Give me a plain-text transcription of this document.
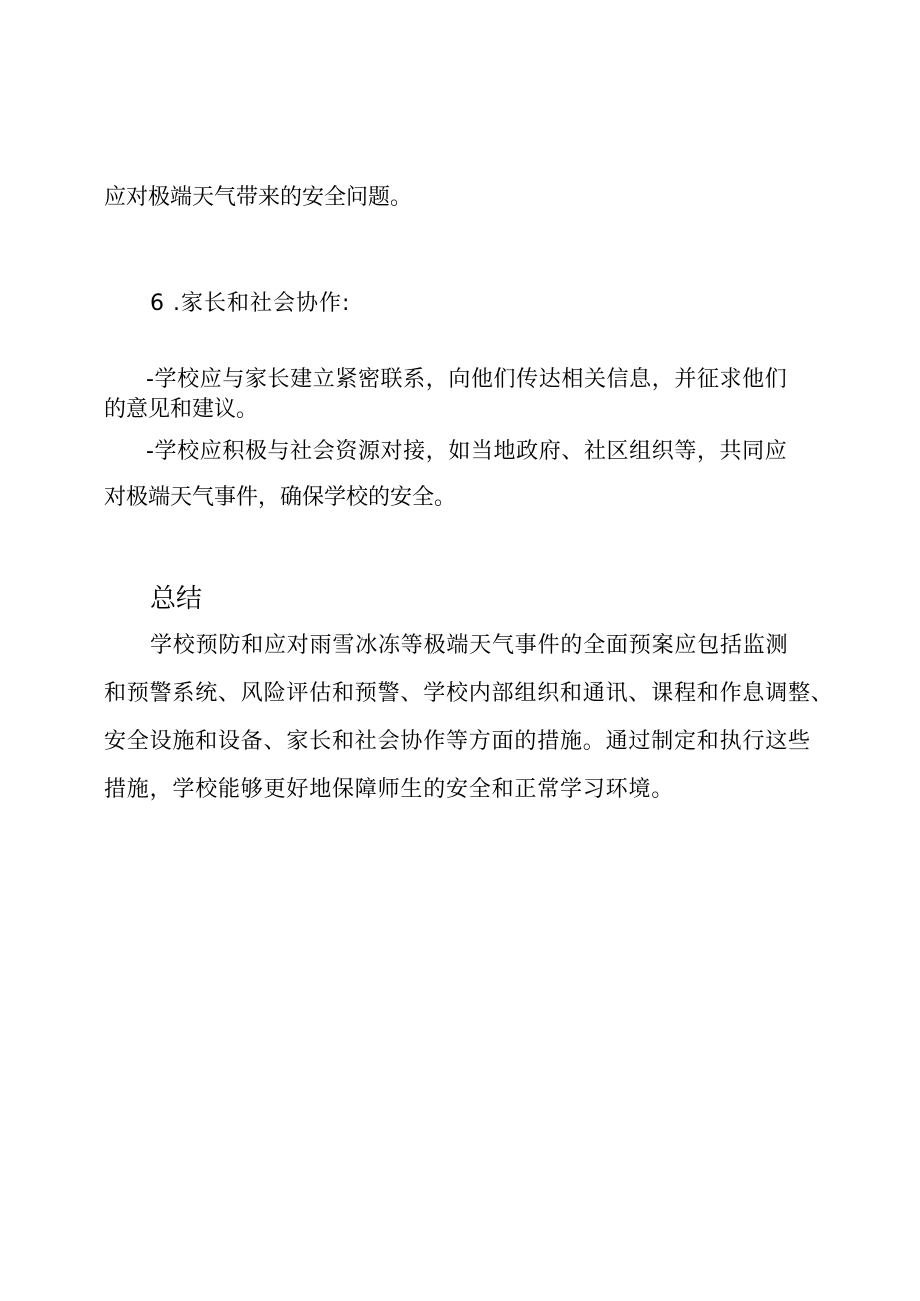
应对极端天气带来的安全问题。

6 .家长和社会协作:

-学校应与家长建立紧密联系，向他们传达相关信息，并征求他们

的意见和建议。

-学校应积极与社会资源对接，如当地政府、社区组织等，共同应

对极端天气事件，确保学校的安全。

总结

学校预防和应对雨雪冰冻等极端天气事件的全面预案应包括监测

和预警系统、风险评估和预警、学校内部组织和通讯、课程和作息调整、

安全设施和设备、家长和社会协作等方面的措施。通过制定和执行这些

措施，学校能够更好地保障师生的安全和正常学习环境。
